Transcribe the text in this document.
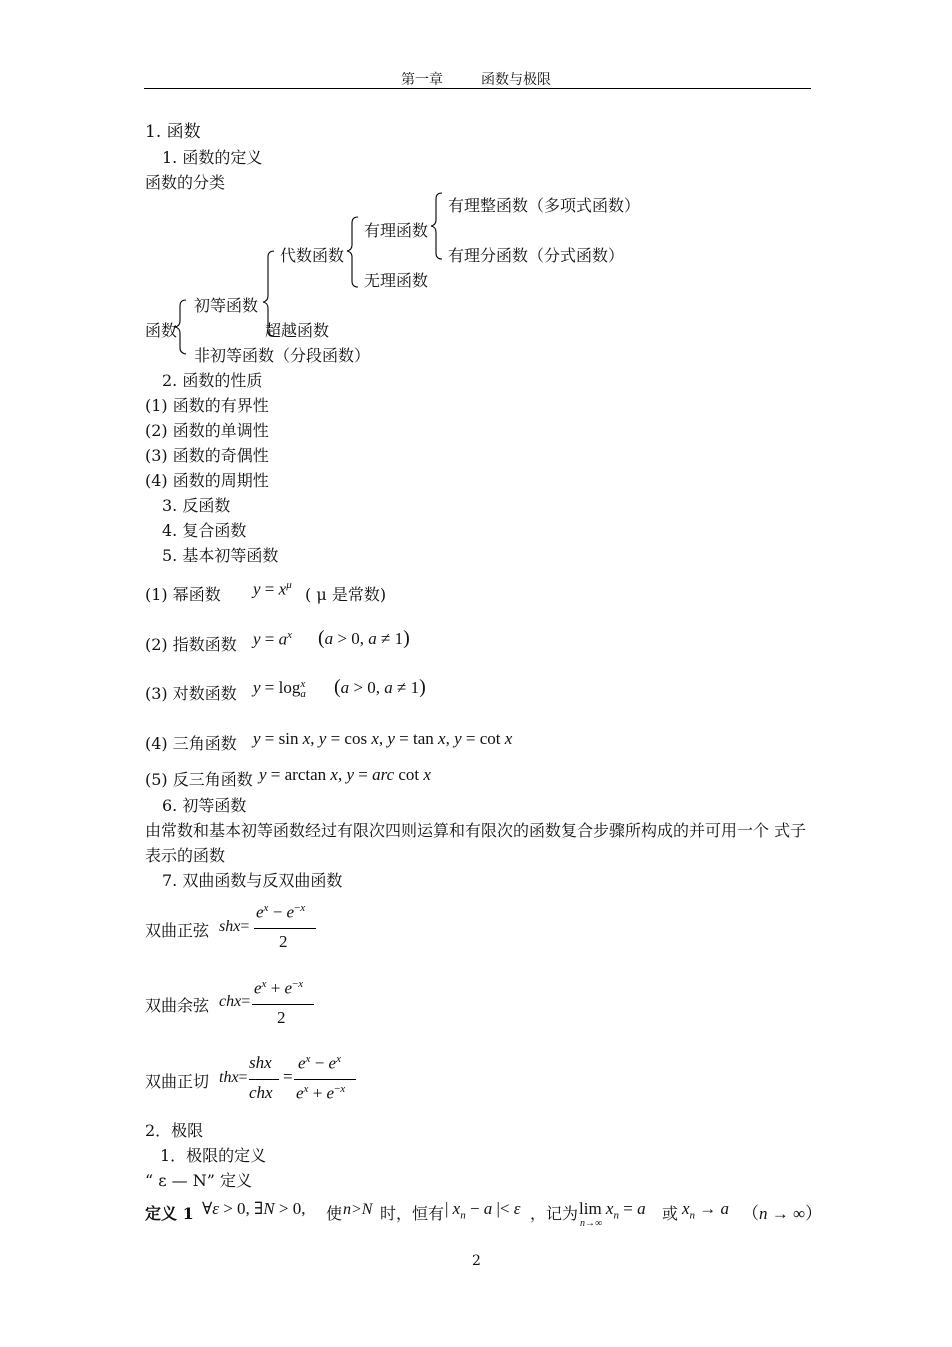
第一章	函数与极限
1. 函数
1. 函数的定义
函数的分类
有理整函数（多项式函数）
有理函数
代数函数	有理分函数（分式函数）
无理函数
初等函数
函数	超越函数
非初等函数（分段函数）
2. 函数的性质
(1) 函数的有界性
(2) 函数的单调性
(3) 函数的奇偶性
(4) 函数的周期性
3. 反函数
4. 复合函数
5. 基本初等函数
(1) 幂函数 $y = x^\mu$ ( μ 是常数)
(2) 指数函数 $y = a^x$ (a > 0, a ≠ 1)
(3) 对数函数 y = log x
a (a > 0, a ≠ 1)
(4) 三角函数 y = sin x, y = cos x, y = tan x, y = cot x
(5) 反三角函数 y = arctan x, y = arc cot x
6. 初等函数
由常数和基本初等函数经过有限次四则运算和有限次的函数复合步骤所构成的并可用一个 式子
表示的函数
7. 双曲函数与反双曲函数
双曲正弦 shx=
$e^x - e^{-x}$
2
双曲余弦 chx=
$e^x + e^{-x}$
2
双曲正切 thx=
shx
chx
=
$e^x - e^x$
$e^x + e^{-x}$
2．极限
1．极限的定义
“ ε — N” 定义
定义 1 ∀ε > 0, ∃N > 0, 使 n>N 时，恒有 | $x_n - a$ |< ε ，记为 $\lim x_n = a$
n→∞
或 $x_n \to a$ （n → ∞）
2
